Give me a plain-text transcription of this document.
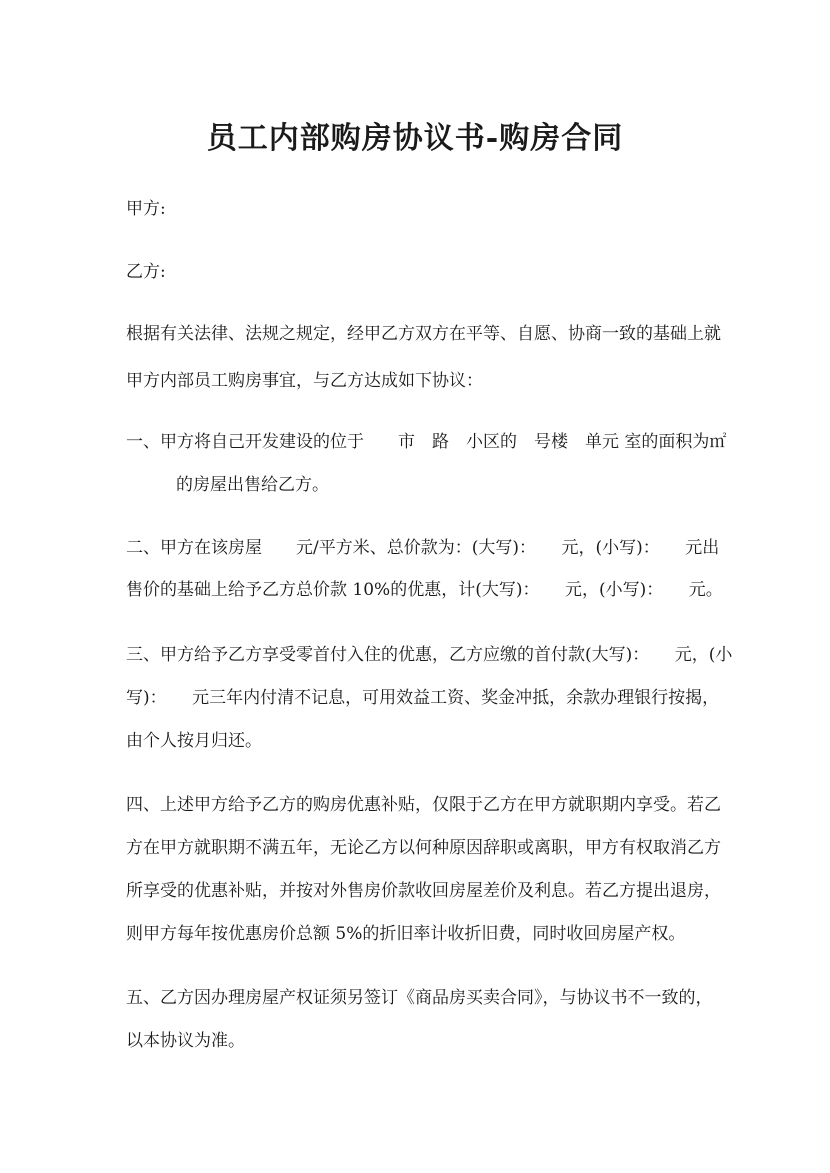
员工内部购房协议书-购房合同

甲方:

乙方:

根据有关法律、法规之规定，经甲乙方双方在平等、自愿、协商一致的基础上就

甲方内部员工购房事宜，与乙方达成如下协议：

一、甲方将自己开发建设的位于　　市　路　小区的　号楼　单元 室的面积为㎡

的房屋出售给乙方。

二、甲方在该房屋　　元/平方米、总价款为：(大写)：　　元，(小写)：　　元出

售价的基础上给予乙方总价款 10%的优惠，计(大写)：　　元，(小写)：　　元。

三、甲方给予乙方享受零首付入住的优惠，乙方应缴的首付款(大写)：　　元，(小

写)：　　元三年内付清不记息，可用效益工资、奖金冲抵，余款办理银行按揭，

由个人按月归还。

四、上述甲方给予乙方的购房优惠补贴，仅限于乙方在甲方就职期内享受。若乙

方在甲方就职期不满五年，无论乙方以何种原因辞职或离职，甲方有权取消乙方

所享受的优惠补贴，并按对外售房价款收回房屋差价及利息。若乙方提出退房，

则甲方每年按优惠房价总额 5%的折旧率计收折旧费，同时收回房屋产权。

五、乙方因办理房屋产权证须另签订《商品房买卖合同》，与协议书不一致的，

以本协议为准。
